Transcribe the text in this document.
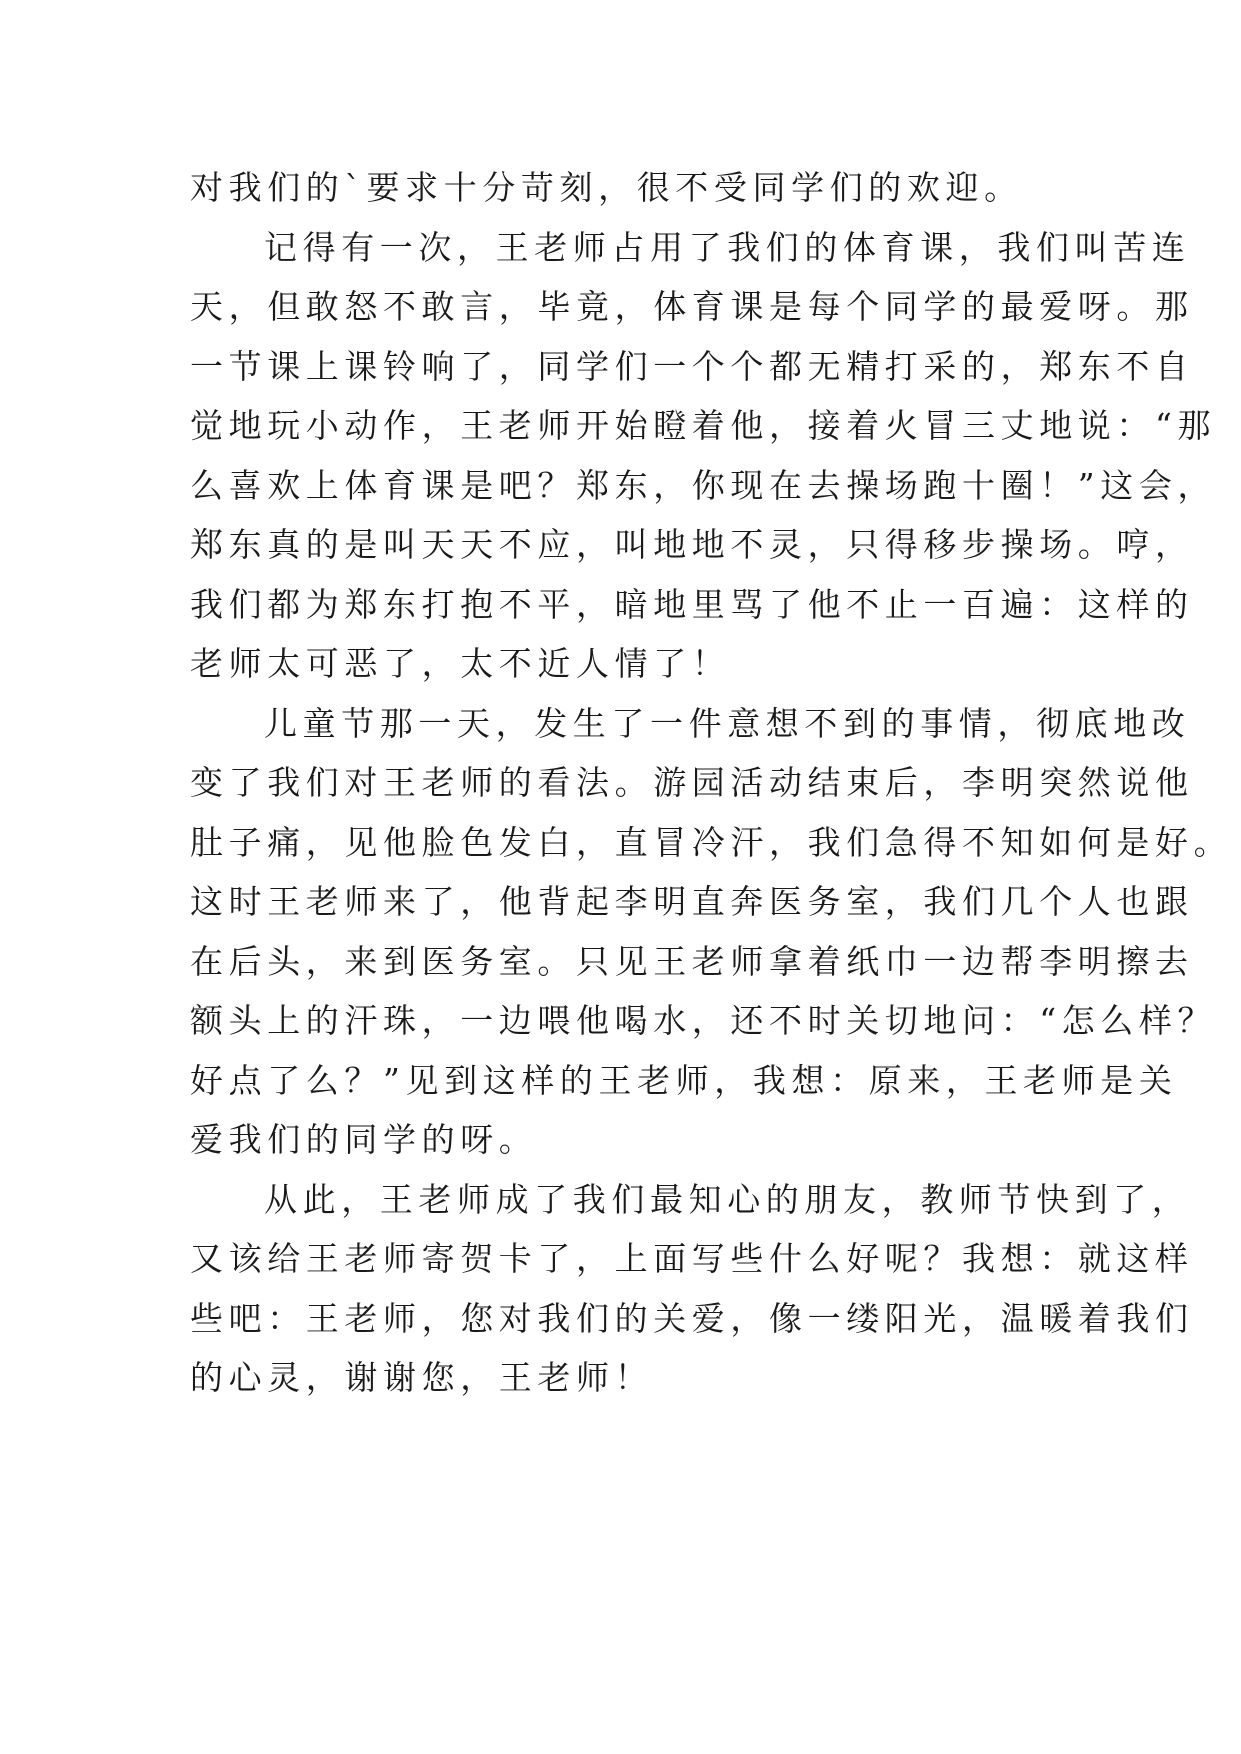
对我们的`要求十分苛刻，很不受同学们的欢迎。
记得有一次，王老师占用了我们的体育课，我们叫苦连
天，但敢怒不敢言，毕竟，体育课是每个同学的最爱呀。那
一节课上课铃响了，同学们一个个都无精打采的，郑东不自
觉地玩小动作，王老师开始瞪着他，接着火冒三丈地说：“那
么喜欢上体育课是吧？郑东，你现在去操场跑十圈！”这会，
郑东真的是叫天天不应，叫地地不灵，只得移步操场。哼，
我们都为郑东打抱不平，暗地里骂了他不止一百遍：这样的
老师太可恶了，太不近人情了！
儿童节那一天，发生了一件意想不到的事情，彻底地改
变了我们对王老师的看法。游园活动结束后，李明突然说他
肚子痛，见他脸色发白，直冒冷汗，我们急得不知如何是好。
这时王老师来了，他背起李明直奔医务室，我们几个人也跟
在后头，来到医务室。只见王老师拿着纸巾一边帮李明擦去
额头上的汗珠，一边喂他喝水，还不时关切地问：“怎么样？
好点了么？”见到这样的王老师，我想：原来，王老师是关
爱我们的同学的呀。
从此，王老师成了我们最知心的朋友，教师节快到了，
又该给王老师寄贺卡了，上面写些什么好呢？我想：就这样
些吧：王老师，您对我们的关爱，像一缕阳光，温暖着我们
的心灵，谢谢您，王老师！
